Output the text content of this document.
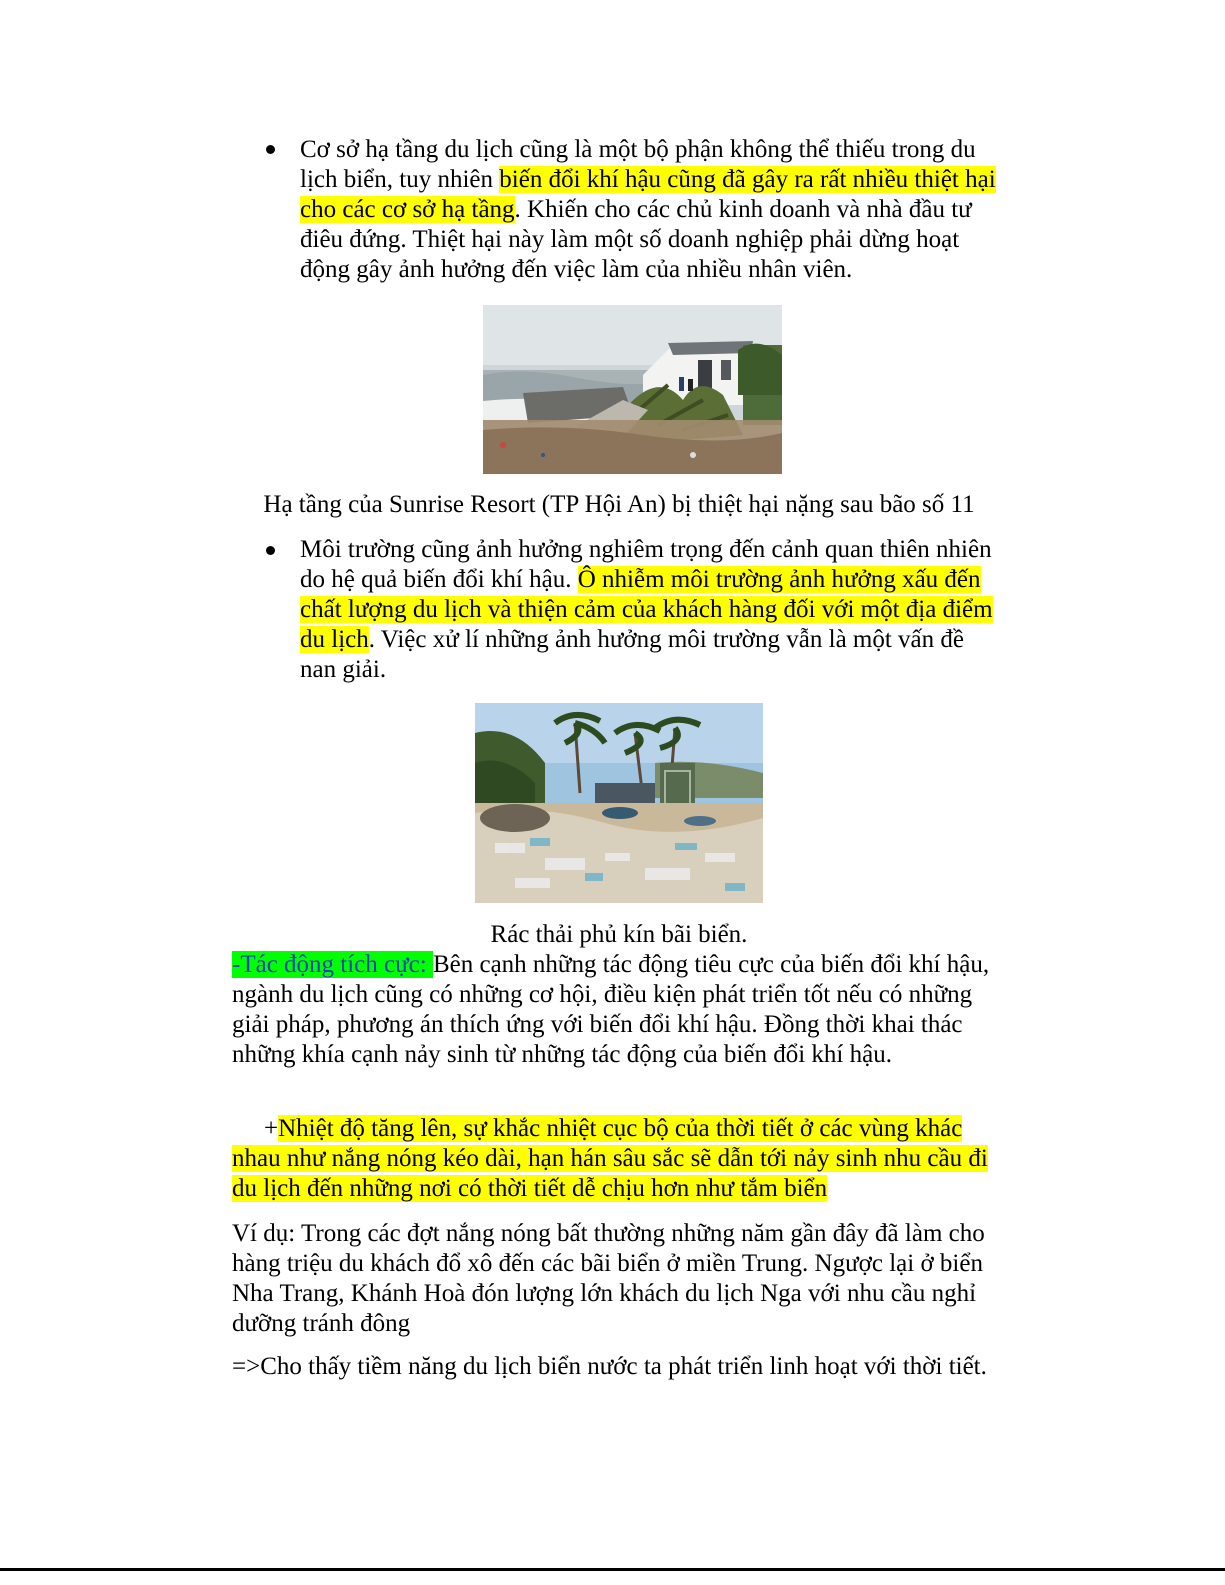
Cơ sở hạ tầng du lịch cũng là một bộ phận không thể thiếu trong du lịch biển, tuy nhiên biến đổi khí hậu cũng đã gây ra rất nhiều thiệt hại cho các cơ sở hạ tầng. Khiến cho các chủ kinh doanh và nhà đầu tư điêu đứng. Thiệt hại này làm một số doanh nghiệp phải dừng hoạt động gây ảnh hưởng đến việc làm của nhiều nhân viên.

Hạ tầng của Sunrise Resort (TP Hội An) bị thiệt hại nặng sau bão số 11

Môi trường cũng ảnh hưởng nghiêm trọng đến cảnh quan thiên nhiên do hệ quả biến đổi khí hậu. Ô nhiễm môi trường ảnh hưởng xấu đến chất lượng du lịch và thiện cảm của khách hàng đối với một địa điểm du lịch. Việc xử lí những ảnh hưởng môi trường vẫn là một vấn đề nan giải.

Rác thải phủ kín bãi biển.

-Tác động tích cực: Bên cạnh những tác động tiêu cực của biến đổi khí hậu, ngành du lịch cũng có những cơ hội, điều kiện phát triển tốt nếu có những giải pháp, phương án thích ứng với biến đổi khí hậu. Đồng thời khai thác những khía cạnh nảy sinh từ những tác động của biến đổi khí hậu.

+Nhiệt độ tăng lên, sự khắc nhiệt cục bộ của thời tiết ở các vùng khác nhau như nắng nóng kéo dài, hạn hán sâu sắc sẽ dẫn tới nảy sinh nhu cầu đi du lịch đến những nơi có thời tiết dễ chịu hơn như tắm biển

Ví dụ: Trong các đợt nắng nóng bất thường những năm gần đây đã làm cho hàng triệu du khách đổ xô đến các bãi biển ở miền Trung. Ngược lại ở biển Nha Trang, Khánh Hoà đón lượng lớn khách du lịch Nga với nhu cầu nghỉ dưỡng tránh đông

=>Cho thấy tiềm năng du lịch biển nước ta phát triển linh hoạt với thời tiết.
